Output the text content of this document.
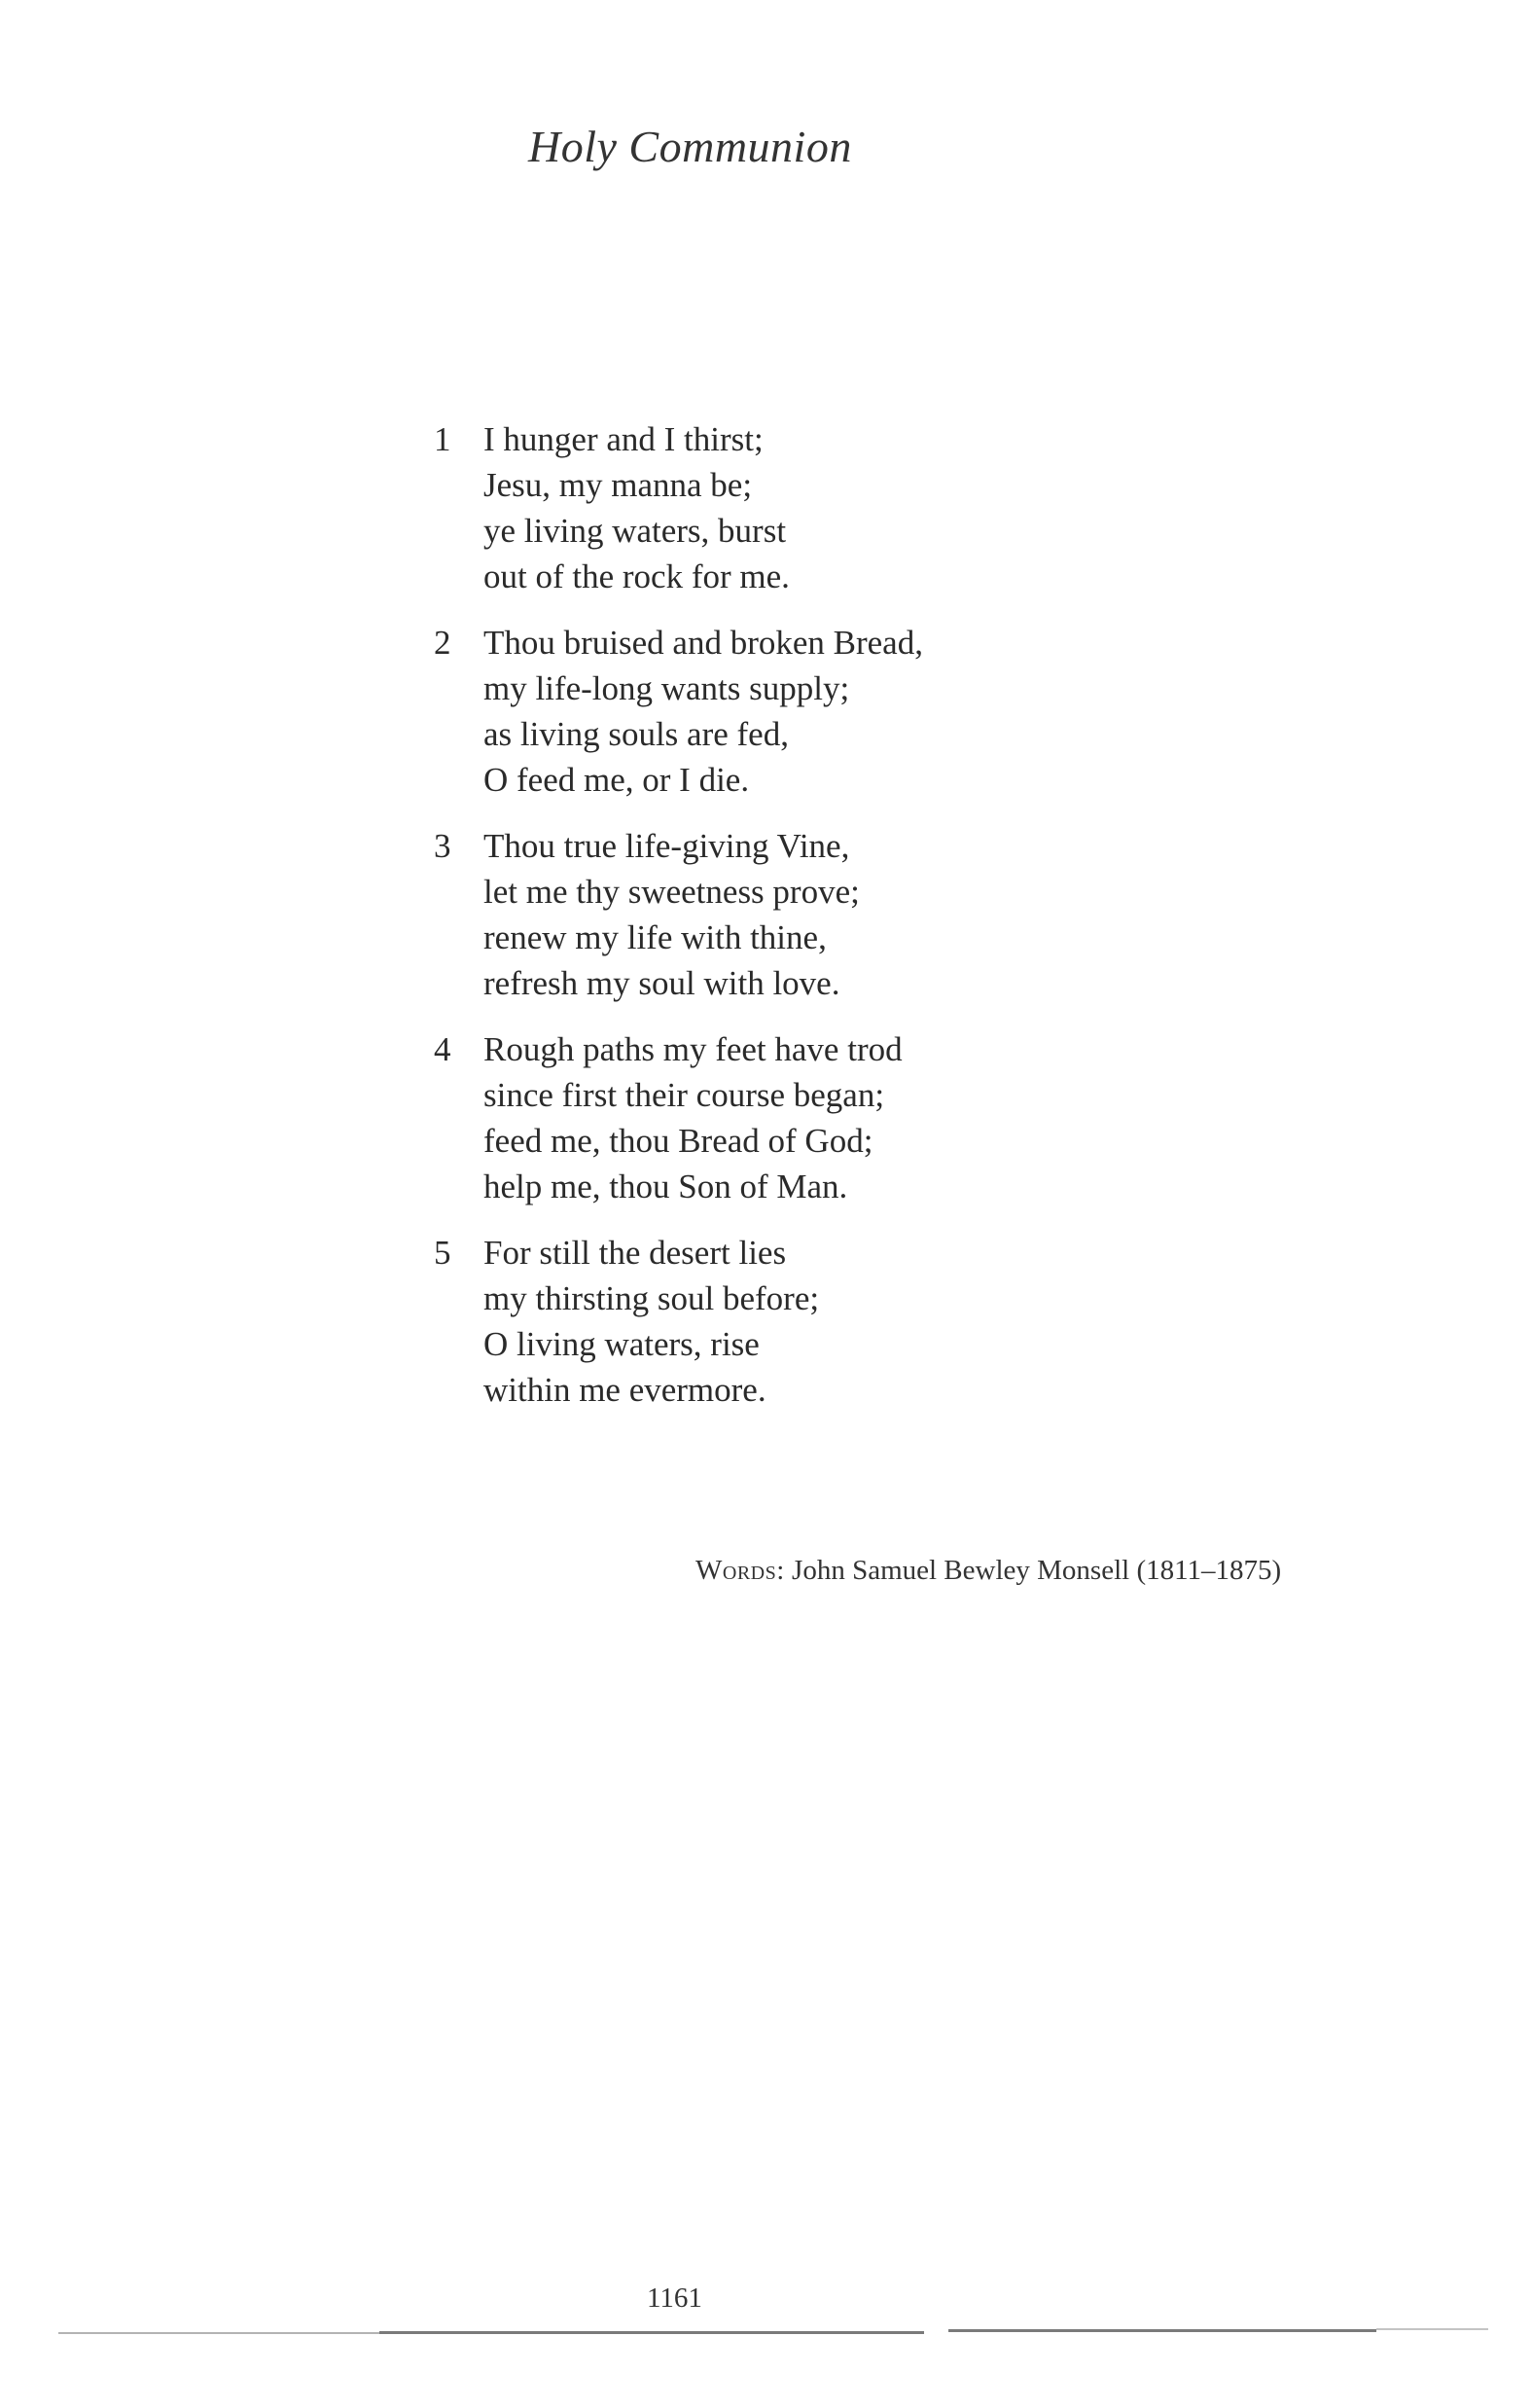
Holy Communion
1 I hunger and I thirst;
Jesu, my manna be;
ye living waters, burst
out of the rock for me.
2 Thou bruised and broken Bread,
my life-long wants supply;
as living souls are fed,
O feed me, or I die.
3 Thou true life-giving Vine,
let me thy sweetness prove;
renew my life with thine,
refresh my soul with love.
4 Rough paths my feet have trod
since first their course began;
feed me, thou Bread of God;
help me, thou Son of Man.
5 For still the desert lies
my thirsting soul before;
O living waters, rise
within me evermore.
Words: John Samuel Bewley Monsell (1811–1875)
1161
